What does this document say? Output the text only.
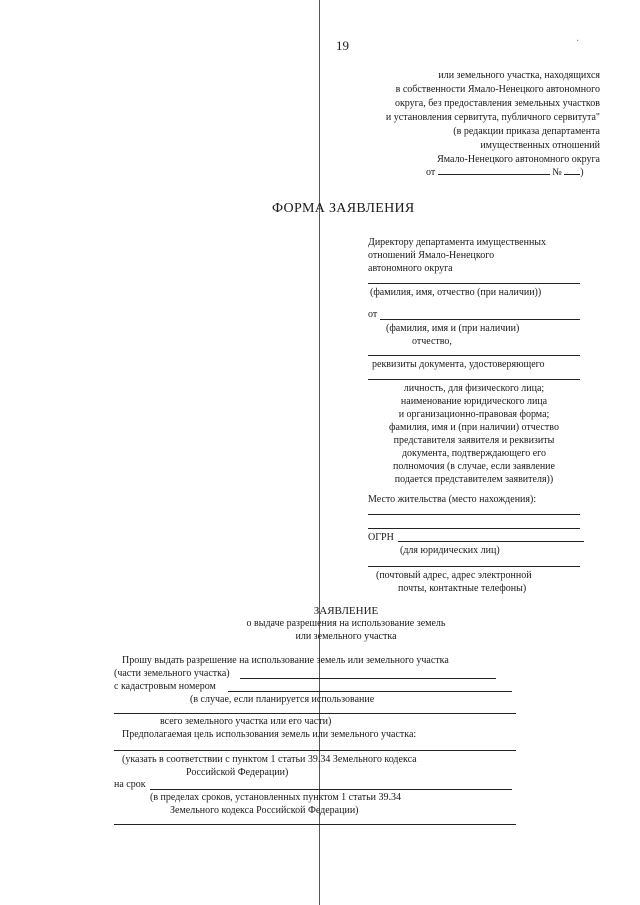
19	·
или земельного участка, находящихся
в собственности Ямало-Ненецкого автономного
округа, без предоставления земельных участков
и установления сервитута, публичного сервитута"
(в редакции приказа департамента
имущественных отношений
Ямало-Ненецкого автономного округа
от	№ )
ФОРМА ЗАЯВЛЕНИЯ
Директору департамента имущественных
отношений Ямало-Ненецкого
автономного округа
(фамилия, имя, отчество (при наличии))
от
(фамилия, имя и (при наличии)
отчество,
реквизиты документа, удостоверяющего
личность, для физического лица;
наименование юридического лица
и организационно-правовая форма;
фамилия, имя и (при наличии) отчество
представителя заявителя и реквизиты
документа, подтверждающего его
полномочия (в случае, если заявление
подается представителем заявителя))
Место жительства (место нахождения):
ОГРН
(для юридических лиц)
(почтовый адрес, адрес электронной
почты, контактные телефоны)
ЗАЯВЛЕНИЕ
о выдаче разрешения на использование земель
или земельного участка
Прошу выдать разрешение на использование земель или земельного участка
(части земельного участка)
с кадастровым номером
(в случае, если планируется использование
всего земельного участка или его части)
Предполагаемая цель использования земель или земельного участка:
(указать в соответствии с пунктом 1 статьи 39.34 Земельного кодекса
Российской Федерации)
на срок
(в пределах сроков, установленных пунктом 1 статьи 39.34
Земельного кодекса Российской Федерации)
